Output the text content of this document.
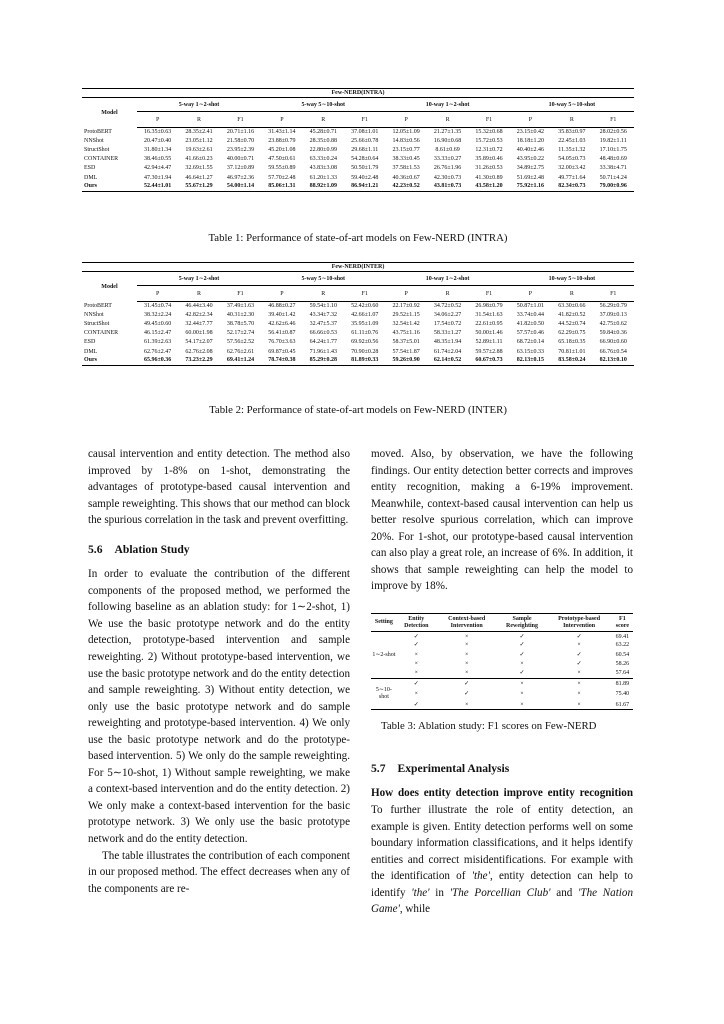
Few-NERD(INTRA)												
Model	5-way 1∼2-shot			5-way 5∼10-shot			10-way 1∼2-shot			10-way 5∼10-shot		
	P	R	F1	P	R	F1	P	R	F1	P	R	F1
ProtoBERT	16.35±0.63	28.35±2.41	20.71±1.16	31.43±1.14	45.28±0.71	37.08±1.01	12.05±1.09	21.27±1.35	15.32±0.68	23.15±0.42	35.83±0.97	28.02±0.56
NNShot	20.47±0.40	23.05±1.12	21.58±0.70	23.88±0.79	28.35±0.88	25.66±0.78	14.83±0.56	16.90±0.68	15.72±0.53	18.18±1.20	22.45±1.03	19.82±1.11
StructShot	31.80±1.34	19.63±2.61	23.95±2.39	45.20±1.08	22.80±0.99	29.68±1.11	23.15±0.77	8.61±0.69	12.31±0.72	40.40±2.46	11.35±1.32	17.10±1.75
CONTAINER	38.46±0.55	41.66±0.23	40.00±0.71	47.50±0.61	63.33±0.24	54.28±0.64	38.33±0.45	33.33±0.27	35.89±0.46	43.95±0.22	54.05±0.73	48.48±0.69
ESD	42.94±4.47	32.69±1.55	37.12±0.89	59.55±0.89	43.83±3.08	50.50±1.79	37.58±1.53	26.76±1.96	31.26±0.53	34.89±2.75	32.00±3.42	33.38±4.71
DML	47.30±1.94	46.64±1.27	46.97±2.36	57.70±2.48	61.20±1.33	59.40±2.48	40.36±0.67	42.30±0.73	41.30±0.89	51.69±2.48	49.77±1.64	50.71±4.24
Ours	52.44±1.01	55.67±1.29	54.00±1.14	85.06±1.31	88.92±1.09	86.94±1.21	42.23±0.52	43.81±0.73	43.58±1.20	75.92±1.16	82.34±0.73	79.00±0.96
Table 1: Performance of state-of-art models on Few-NERD (INTRA)
Few-NERD(INTER)												
Model	5-way 1∼2-shot			5-way 5∼10-shot			10-way 1∼2-shot			10-way 5∼10-shot		
	P	R	F1	P	R	F1	P	R	F1	P	R	F1
ProtoBERT	31.45±0.74	46.44±3.40	37.49±1.63	46.88±0.27	59.54±1.10	52.42±0.60	22.17±0.92	34.72±0.52	26.98±0.79	50.87±1.01	63.30±0.66	56.29±0.79
NNShot	38.32±2.24	42.82±2.34	40.31±2.30	39.40±1.42	43.34±7.32	42.66±1.07	29.52±1.15	34.06±2.27	31.54±1.63	33.74±0.44	41.82±0.52	37.09±0.13
StructShot	49.45±0.60	32.44±7.77	38.78±5.70	42.62±6.46	32.47±5.37	35.95±1.09	32.54±1.42	17.54±0.72	22.61±0.95	41.82±0.50	44.52±0.74	42.75±0.62
CONTAINER	46.15±2.47	60.00±1.98	52.17±2.74	56.41±0.87	66.66±0.53	61.11±0.76	43.75±1.16	58.33±1.27	50.00±1.46	57.57±0.46	62.29±0.75	59.84±0.36
ESD	61.39±2.63	54.17±2.07	57.56±2.52	76.70±3.63	64.24±1.77	69.92±0.56	58.37±5.01	48.35±1.94	52.89±1.11	68.72±0.14	65.18±0.35	66.90±0.60
DML	62.76±2.47	62.76±2.08	62.76±2.61	69.87±0.45	71.96±1.43	70.90±0.28	57.54±1.87	61.74±2.04	59.57±2.88	63.15±0.33	70.81±1.01	66.76±0.54
Ours	65.96±0.36	73.23±2.29	69.41±1.24	78.74±0.38	85.29±0.28	81.89±0.33	59.26±0.90	62.14±0.52	60.67±0.73	82.13±0.15	83.58±0.24	82.13±0.10
Table 2: Performance of state-of-art models on Few-NERD (INTER)

causal intervention and entity detection. The method also improved by 1-8% on 1-shot, demonstrating the advantages of prototype-based causal intervention and sample reweighting. This shows that our method can block the spurious correlation in the task and prevent overfitting.

5.6 Ablation Study

In order to evaluate the contribution of the different components of the proposed method, we performed the following baseline as an ablation study: for 1∼2-shot, 1) We use the basic prototype network and do the entity detection, prototype-based intervention and sample reweighting. 2) Without prototype-based intervention, we use the basic prototype network and do the entity detection and sample reweighting. 3) Without entity detection, we only use the basic prototype network and do sample reweighting and prototype-based intervention. 4) We only use the basic prototype network and do the prototype-based intervention. 5) We only do the sample reweighting. For 5∼10-shot, 1) Without sample reweighting, we make a context-based intervention and do the entity detection. 2) We only make a context-based intervention for the basic prototype network. 3) We only use the basic prototype network and do the entity detection.

The table illustrates the contribution of each component in our proposed method. The effect decreases when any of the components are re-

moved. Also, by observation, we have the following findings. Our entity detection better corrects and improves entity recognition, making a 6-19% improvement. Meanwhile, context-based causal intervention can help us better resolve spurious correlation, which can improve 20%. For 1-shot, our prototype-based causal intervention can also play a great role, an increase of 6%. In addition, it shows that sample reweighting can help the model to improve by 18%.

Setting	Entity Detection	Context-based Intervention	Sample Reweighting	Prototype-based Intervention	F1 score
	✓	×	✓	✓	69.41
	✓	×	✓	×	63.22
1∼2-shot	×	×	✓	✓	60.54
	×	×	×	✓	58.26
	×	×	✓	×	57.64
	✓	✓	×	×	81.89
5∼10-shot	×	✓	×	×	75.40
	✓	×	×	×	61.67
Table 3: Ablation study: F1 scores on Few-NERD
5.7 Experimental Analysis

How does entity detection improve entity recognition To further illustrate the role of entity detection, an example is given. Entity detection performs well on some boundary information classifications, and it helps identify entities and correct misidentifications. For example with the identification of 'the', entity detection can help to identify 'the' in 'The Porcellian Club' and 'The Nation Game', while
